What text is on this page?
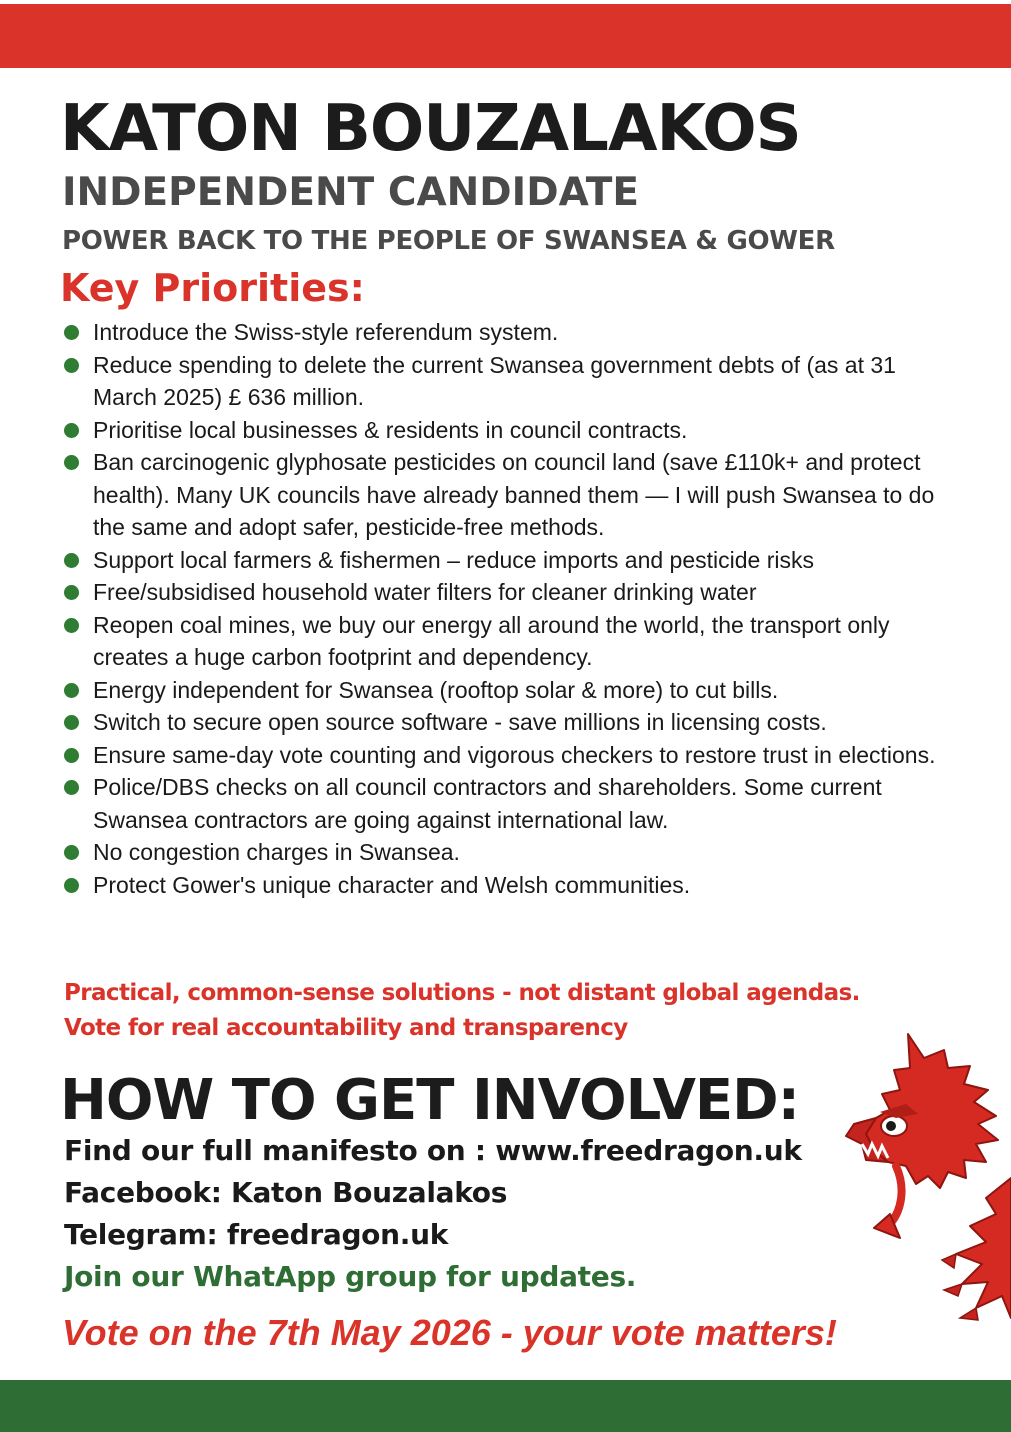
KATON BOUZALAKOS
INDEPENDENT CANDIDATE
POWER BACK TO THE PEOPLE OF SWANSEA & GOWER
Key Priorities:
Introduce the Swiss-style referendum system.
Reduce spending to delete the current Swansea government debts of (as at 31 March 2025) £ 636 million.
Prioritise local businesses & residents in council contracts.
Ban carcinogenic glyphosate pesticides on council land (save £110k+ and protect health). Many UK councils have already banned them — I will push Swansea to do the same and adopt safer, pesticide-free methods.
Support local farmers & fishermen – reduce imports and pesticide risks
Free/subsidised household water filters for cleaner drinking water
Reopen coal mines, we buy our energy all around the world, the transport only creates a huge carbon footprint and dependency.
Energy independent for Swansea (rooftop solar & more) to cut bills.
Switch to secure open source software - save millions in licensing costs.
Ensure same-day vote counting and vigorous checkers to restore trust in elections.
Police/DBS checks on all council contractors and shareholders. Some current Swansea contractors are going against international law.
No congestion charges in Swansea.
Protect Gower's unique character and Welsh communities.
Practical, common-sense solutions - not distant global agendas.
Vote for real accountability and transparency
HOW TO GET INVOLVED:
Find our full manifesto on : www.freedragon.uk
Facebook: Katon Bouzalakos
Telegram: freedragon.uk
Join our WhatApp group for updates.
Vote on the 7th May 2026 - your vote matters!
